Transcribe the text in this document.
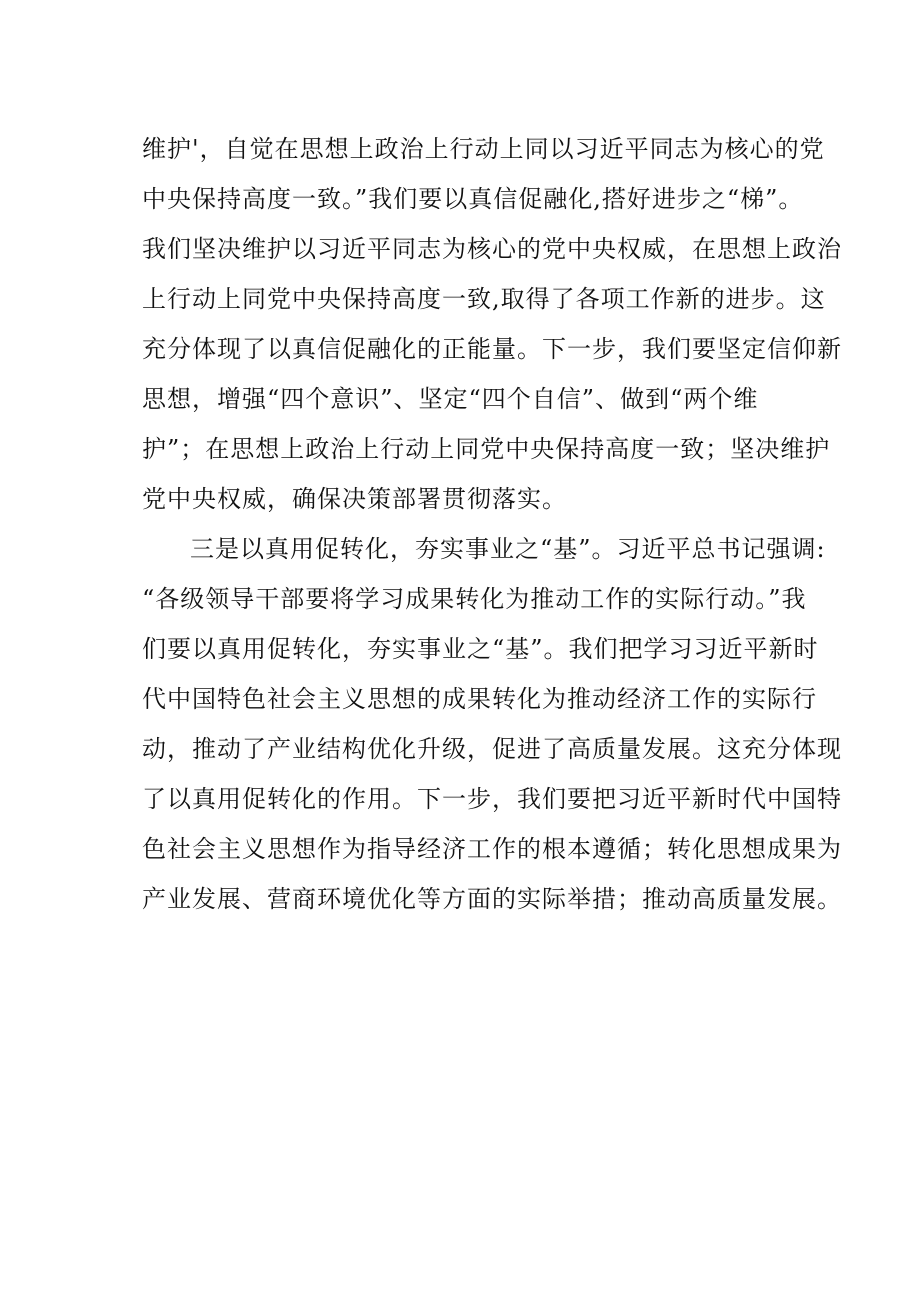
维护'，自觉在思想上政治上行动上同以习近平同志为核心的党
中央保持高度一致。”我们要以真信促融化,搭好进步之“梯”。
我们坚决维护以习近平同志为核心的党中央权威，在思想上政治
上行动上同党中央保持高度一致,取得了各项工作新的进步。这
充分体现了以真信促融化的正能量。下一步，我们要坚定信仰新
思想，增强“四个意识”、坚定“四个自信”、做到“两个维
护”；在思想上政治上行动上同党中央保持高度一致；坚决维护
党中央权威，确保决策部署贯彻落实。
三是以真用促转化，夯实事业之“基”。习近平总书记强调:
“各级领导干部要将学习成果转化为推动工作的实际行动。”我
们要以真用促转化，夯实事业之“基”。我们把学习习近平新时
代中国特色社会主义思想的成果转化为推动经济工作的实际行
动，推动了产业结构优化升级，促进了高质量发展。这充分体现
了以真用促转化的作用。下一步，我们要把习近平新时代中国特
色社会主义思想作为指导经济工作的根本遵循；转化思想成果为
产业发展、营商环境优化等方面的实际举措；推动高质量发展。
